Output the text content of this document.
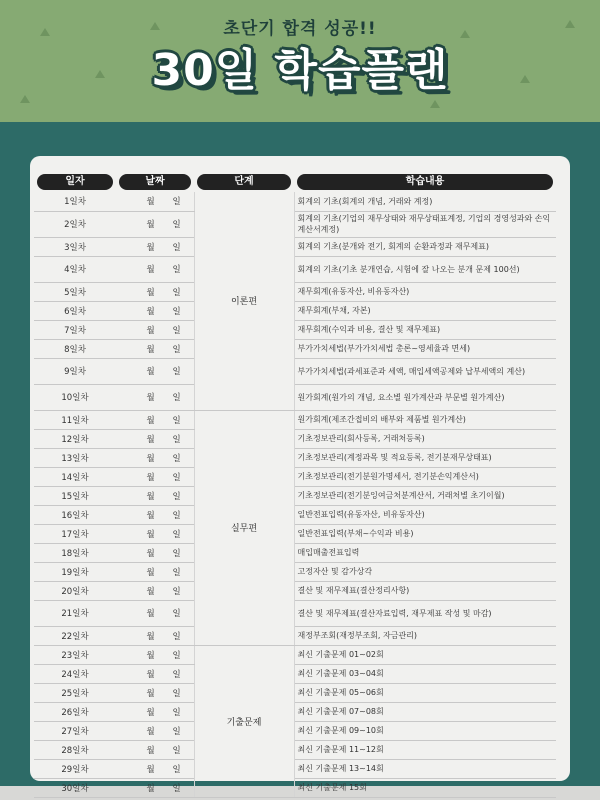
초단기 합격 성공!!
30일 학습플랜
일자	날짜	단계	학습내용

1일차	월 일	이론편	회계의 기초(회계의 개념, 거래와 계정)
2일차	월 일		회계의 기초(기업의 재무상태와 재무상태표계정, 기업의 경영성과와 손익계산서계정)
3일차	월 일		회계의 기초(분개와 전기, 회계의 순환과정과 재무제표)
4일차	월 일		회계의 기초(기초 분개연습, 시험에 잘 나오는 분개 문제 100선)
5일차	월 일		재무회계(유동자산, 비유동자산)
6일차	월 일		재무회계(부채, 자본)
7일차	월 일		재무회계(수익과 비용, 결산 및 재무제표)
8일차	월 일		부가가치세법(부가가치세법 총론~영세율과 면세)
9일차	월 일		부가가치세법(과세표준과 세액, 매입세액공제와 납부세액의 계산)
10일차	월 일		원가회계(원가의 개념, 요소별 원가계산과 부문별 원가계산)
11일차	월 일	실무편	원가회계(제조간접비의 배부와 제품별 원가계산)
12일차	월 일		기초정보관리(회사등록, 거래처등록)
13일차	월 일		기초정보관리(계정과목 및 적요등록, 전기분재무상태표)
14일차	월 일		기초정보관리(전기분원가명세서, 전기분손익계산서)
15일차	월 일		기초정보관리(전기분잉여금처분계산서, 거래처별 초기이월)
16일차	월 일		일반전표입력(유동자산, 비유동자산)
17일차	월 일		일반전표입력(부채~수익과 비용)
18일차	월 일		매입매출전표입력
19일차	월 일		고정자산 및 감가상각
20일차	월 일		결산 및 재무제표(결산정리사항)
21일차	월 일		결산 및 재무제표(결산자료입력, 재무제표 작성 및 마감)
22일차	월 일		재정부조회(재정부조회, 자금관리)
23일차	월 일	기출문제	최신 기출문제 01~02회
24일차	월 일		최신 기출문제 03~04회
25일차	월 일		최신 기출문제 05~06회
26일차	월 일		최신 기출문제 07~08회
27일차	월 일		최신 기출문제 09~10회
28일차	월 일		최신 기출문제 11~12회
29일차	월 일		최신 기출문제 13~14회
30일차	월 일		최신 기출문제 15회
